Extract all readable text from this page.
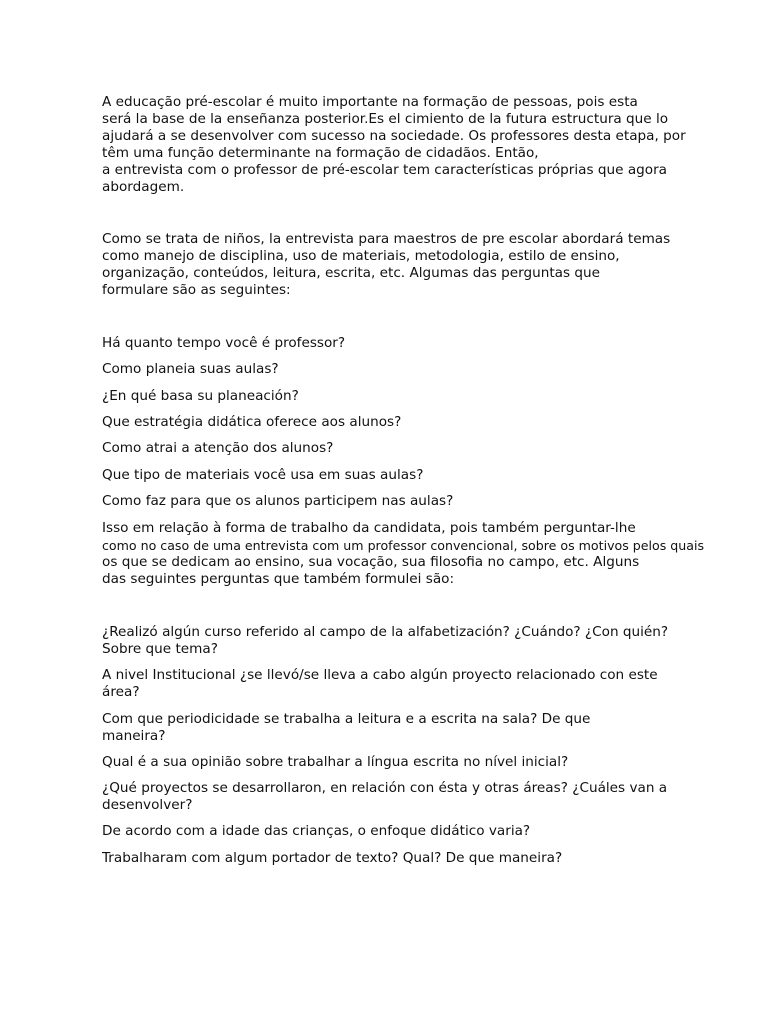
A educação pré-escolar é muito importante na formação de pessoas, pois esta
será la base de la enseñanza posterior.Es el cimiento de la futura estructura que lo
ajudará a se desenvolver com sucesso na sociedade. Os professores desta etapa, por
têm uma função determinante na formação de cidadãos. Então,
a entrevista com o professor de pré-escolar tem características próprias que agora
abordagem.
Como se trata de niños, la entrevista para maestros de pre escolar abordará temas
como manejo de disciplina, uso de materiais, metodologia, estilo de ensino,
organização, conteúdos, leitura, escrita, etc. Algumas das perguntas que
formulare são as seguintes:
Há quanto tempo você é professor?
Como planeia suas aulas?
¿En qué basa su planeación?
Que estratégia didática oferece aos alunos?
Como atrai a atenção dos alunos?
Que tipo de materiais você usa em suas aulas?
Como faz para que os alunos participem nas aulas?
Isso em relação à forma de trabalho da candidata, pois também perguntar-lhe
como no caso de uma entrevista com um professor convencional, sobre os motivos pelos quais
os que se dedicam ao ensino, sua vocação, sua filosofia no campo, etc. Alguns
das seguintes perguntas que também formulei são:
¿Realizó algún curso referido al campo de la alfabetización? ¿Cuándo? ¿Con quién?
Sobre que tema?
A nivel Institucional ¿se llevó/se lleva a cabo algún proyecto relacionado con este
área?
Com que periodicidade se trabalha a leitura e a escrita na sala? De que
maneira?
Qual é a sua opinião sobre trabalhar a língua escrita no nível inicial?
¿Qué proyectos se desarrollaron, en relación con ésta y otras áreas? ¿Cuáles van a
desenvolver?
De acordo com a idade das crianças, o enfoque didático varia?
Trabalharam com algum portador de texto? Qual? De que maneira?
